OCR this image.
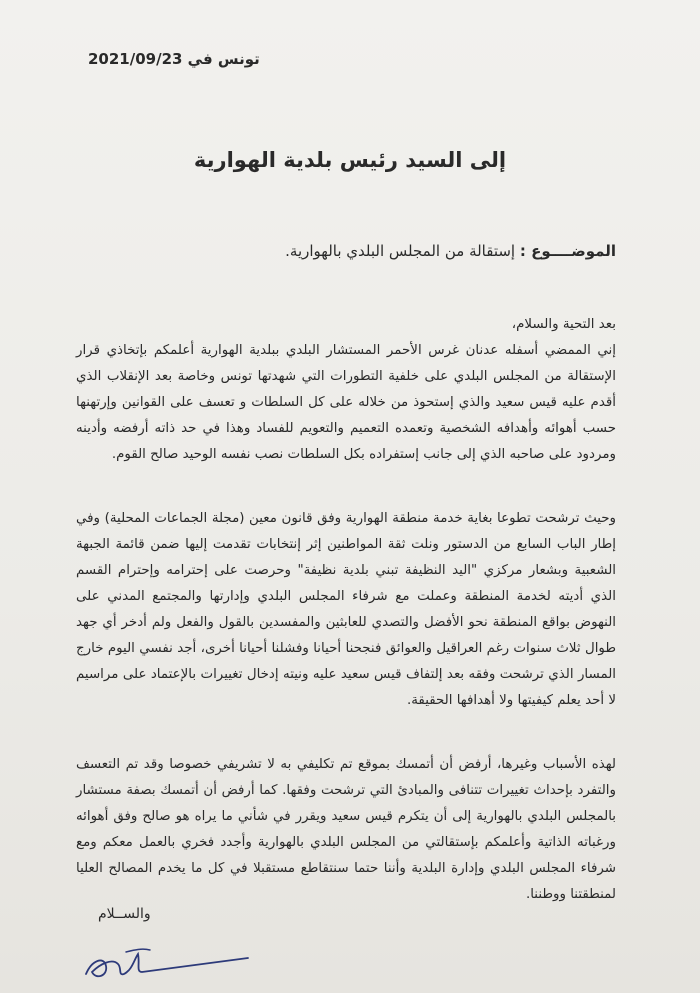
تونس في 2021/09/23
إلى السيد رئيس بلدية الهوارية
الموضــــوع : إستقالة من المجلس البلدي بالهوارية.
بعد التحية والسلام،

إني الممضي أسفله عدنان غرس الأحمر المستشار البلدي ببلدية الهوارية أعلمكم بإتخاذي قرار الإستقالة من المجلس البلدي على خلفية التطورات التي شهدتها تونس وخاصة بعد الإنقلاب الذي أقدم عليه قيس سعيد والذي إستحوذ من خلاله على كل السلطات و تعسف على القوانين وإرتهنها حسب أهوائه وأهدافه الشخصية وتعمده التعميم والتعويم للفساد وهذا في حد ذاته أرفضه وأدينه ومردود على صاحبه الذي إلى جانب إستفراده بكل السلطات نصب نفسه الوحيد صالح القوم.

وحيث ترشحت تطوعا بغاية خدمة منطقة الهوارية وفق قانون معين (مجلة الجماعات المحلية) وفي إطار الباب السابع من الدستور ونلت ثقة المواطنين إثر إنتخابات تقدمت إليها ضمن قائمة الجبهة الشعبية وبشعار مركزي "اليد النظيفة تبني بلدية نظيفة" وحرصت على إحترامه وإحترام القسم الذي أديته لخدمة المنطقة وعملت مع شرفاء المجلس البلدي وإدارتها والمجتمع المدني على النهوض بواقع المنطقة نحو الأفضل والتصدي للعابثين والمفسدين بالقول والفعل ولم أدخر أي جهد طوال ثلاث سنوات رغم العراقيل والعوائق فنجحنا أحيانا وفشلنا أحيانا أخرى، أجد نفسي اليوم خارج المسار الذي ترشحت وفقه بعد إلتفاف قيس سعيد عليه ونيته إدخال تغييرات بالإعتماد على مراسيم لا أحد يعلم كيفيتها ولا أهدافها الحقيقة.

لهذه الأسباب وغيرها، أرفض أن أتمسك بموقع تم تكليفي به لا تشريفي خصوصا وقد تم التعسف والتفرد بإحداث تغييرات تتنافى والمبادئ التي ترشحت وفقها. كما أرفض أن أتمسك بصفة مستشار بالمجلس البلدي بالهوارية إلى أن يتكرم قيس سعيد ويقرر في شأني ما يراه هو صالح وفق أهوائه ورغباته الذاتية وأعلمكم بإستقالتي من المجلس البلدي بالهوارية وأجدد فخري بالعمل معكم ومع شرفاء المجلس البلدي وإدارة البلدية وأننا حتما سنتقاطع مستقبلا في كل ما يخدم المصالح العليا لمنطقتنا ووطننا.

والســلام
